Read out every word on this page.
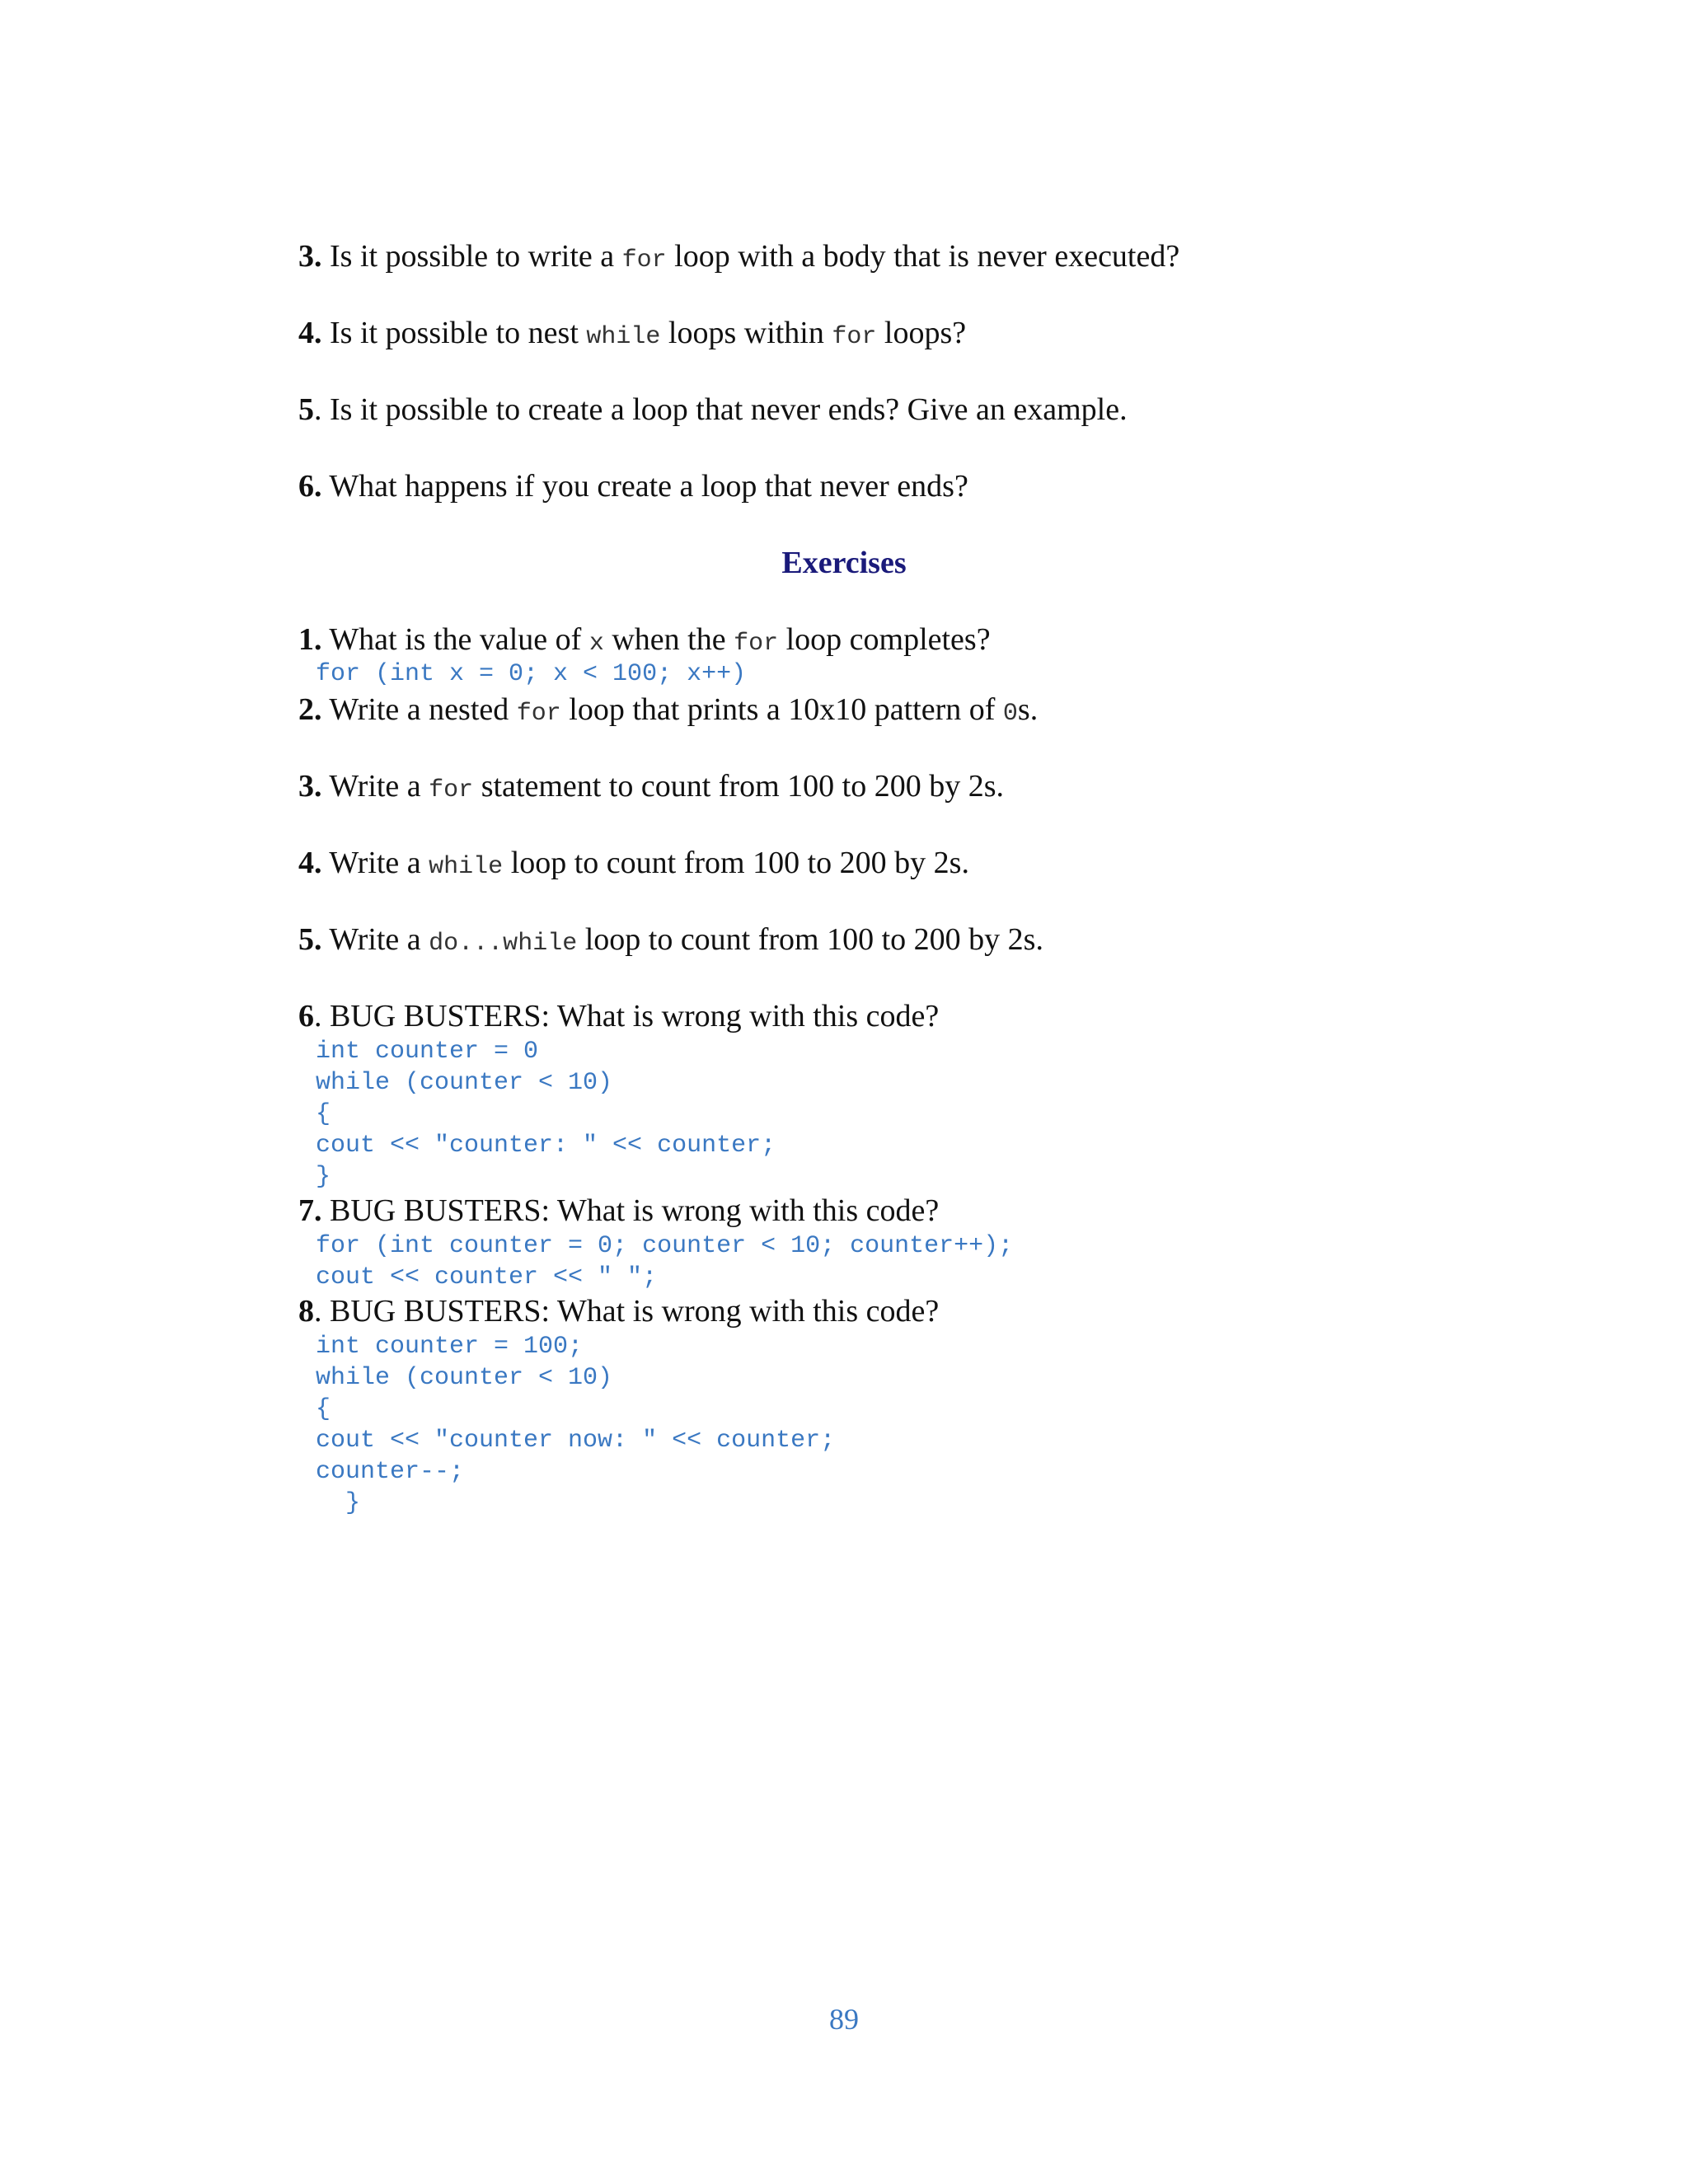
3. Is it possible to write a for loop with a body that is never executed?
4. Is it possible to nest while loops within for loops?
5. Is it possible to create a loop that never ends? Give an example.
6. What happens if you create a loop that never ends?
Exercises
1. What is the value of x when the for loop completes?
for (int x = 0; x < 100; x++)
2. Write a nested for loop that prints a 10x10 pattern of 0s.
3. Write a for statement to count from 100 to 200 by 2s.
4. Write a while loop to count from 100 to 200 by 2s.
5. Write a do...while loop to count from 100 to 200 by 2s.
6. BUG BUSTERS: What is wrong with this code?
int counter = 0
while (counter < 10)
{
cout << "counter: " << counter;
}
7. BUG BUSTERS: What is wrong with this code?
for (int counter = 0; counter < 10; counter++);
cout << counter << " ";
8. BUG BUSTERS: What is wrong with this code?
int counter = 100;
while (counter < 10)
{
cout << "counter now: " << counter;
counter--;
}
89
